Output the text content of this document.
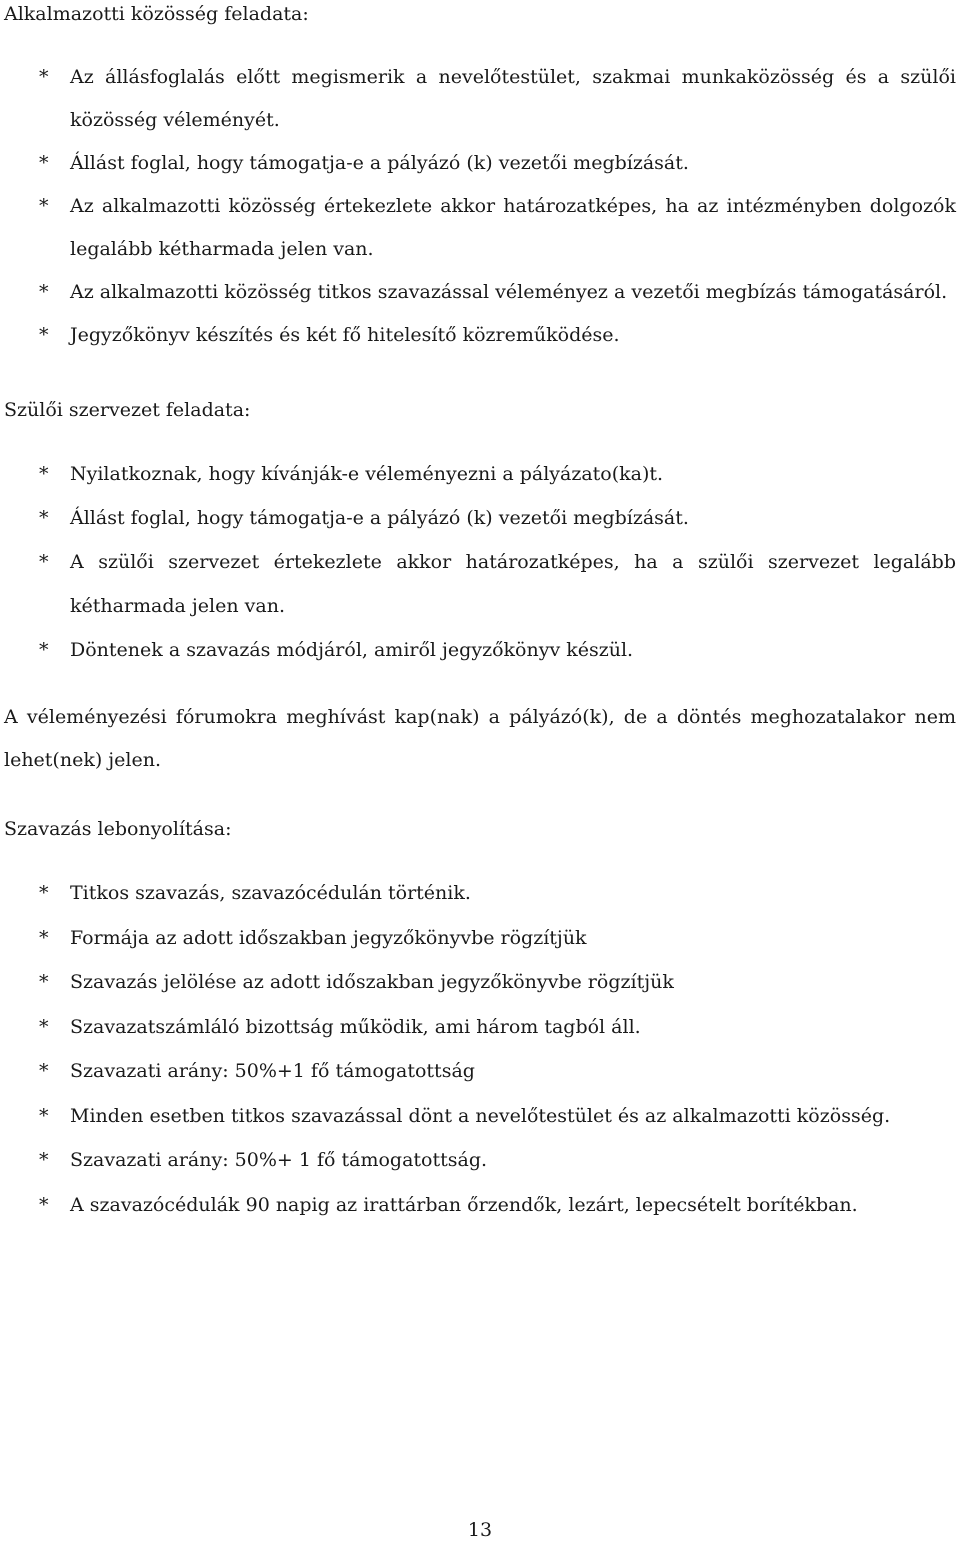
Alkalmazotti közösség feladata:
* Az állásfoglalás előtt megismerik a nevelőtestület, szakmai munkaközösség és a szülői közösség véleményét.
* Állást foglal, hogy támogatja-e a pályázó (k) vezetői megbízását.
* Az alkalmazotti közösség értekezlete akkor határozatképes, ha az intézményben dolgozók legalább kétharmada jelen van.
* Az alkalmazotti közösség titkos szavazással véleményez a vezetői megbízás támogatásáról.
* Jegyzőkönyv készítés és két fő hitelesítő közreműködése.
Szülői szervezet feladata:
* Nyilatkoznak, hogy kívánják-e véleményezni a pályázato(ka)t.
* Állást foglal, hogy támogatja-e a pályázó (k) vezetői megbízását.
* A szülői szervezet értekezlete akkor határozatképes, ha a szülői szervezet legalább kétharmada jelen van.
* Döntenek a szavazás módjáról, amiről jegyzőkönyv készül.
A véleményezési fórumokra meghívást kap(nak) a pályázó(k), de a döntés meghozatalakor nem lehet(nek) jelen.
Szavazás lebonyolítása:
* Titkos szavazás, szavazócédulán történik.
* Formája az adott időszakban jegyzőkönyvbe rögzítjük
* Szavazás jelölése az adott időszakban jegyzőkönyvbe rögzítjük
* Szavazatszámláló bizottság működik, ami három tagból áll.
* Szavazati arány: 50%+1 fő támogatottság
* Minden esetben titkos szavazással dönt a nevelőtestület és az alkalmazotti közösség.
* Szavazati arány: 50%+ 1 fő támogatottság.
* A szavazócédulák 90 napig az irattárban őrzendők, lezárt, lepecsételt borítékban.
13
